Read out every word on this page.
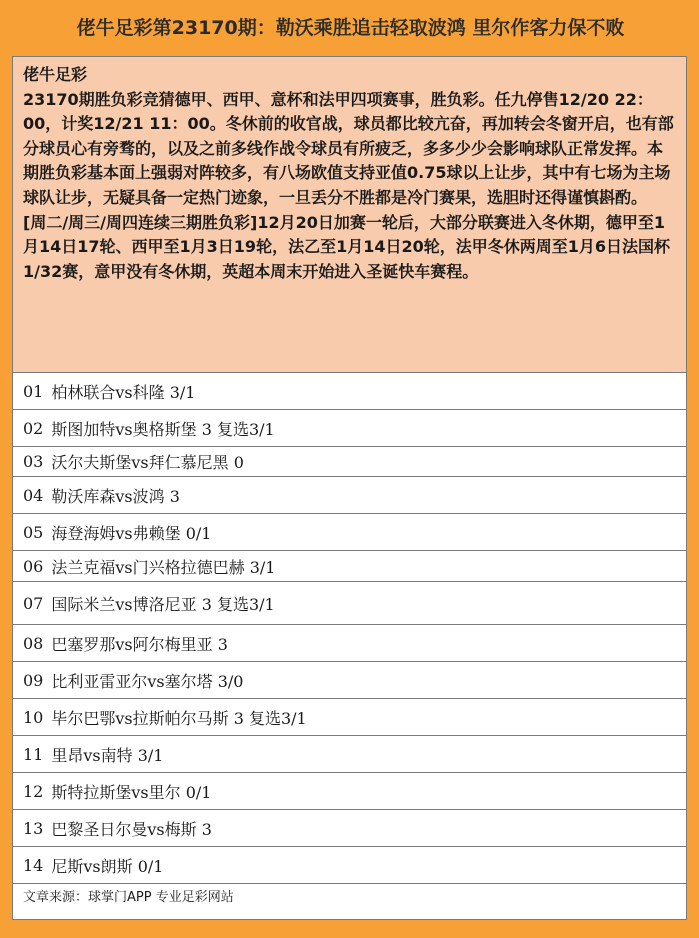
佬牛足彩第23170期：勒沃乘胜追击轻取波鸿 里尔作客力保不败

佬牛足彩

23170期胜负彩竞猜德甲、西甲、意杯和法甲四项赛事，胜负彩。任九停售12/20 22：00，计奖12/21 11：00。冬休前的收官战，球员都比较亢奋，再加转会冬窗开启，也有部分球员心有旁骛的，以及之前多线作战令球员有所疲乏，多多少少会影响球队正常发挥。本期胜负彩基本面上强弱对阵较多，有八场欧值支持亚值0.75球以上让步，其中有七场为主场球队让步，无疑具备一定热门迹象，一旦丢分不胜都是冷门赛果，选胆时还得谨慎斟酌。

[周二/周三/周四连续三期胜负彩]12月20日加赛一轮后，大部分联赛进入冬休期，德甲至1月14日17轮、西甲至1月3日19轮，法乙至1月14日20轮，法甲冬休两周至1月6日法国杯1/32赛，意甲没有冬休期，英超本周末开始进入圣诞快车赛程。

01 柏林联合vs科隆 3/1
02 斯图加特vs奥格斯堡 3 复选3/1
03 沃尔夫斯堡vs拜仁慕尼黑 0
04 勒沃库森vs波鸿 3
05 海登海姆vs弗赖堡 0/1
06 法兰克福vs门兴格拉德巴赫 3/1
07 国际米兰vs博洛尼亚 3 复选3/1
08 巴塞罗那vs阿尔梅里亚 3
09 比利亚雷亚尔vs塞尔塔 3/0
10 毕尔巴鄂vs拉斯帕尔马斯 3 复选3/1
11 里昂vs南特 3/1
12 斯特拉斯堡vs里尔 0/1
13 巴黎圣日尔曼vs梅斯 3
14 尼斯vs朗斯 0/1
文章来源：球掌门APP 专业足彩网站
